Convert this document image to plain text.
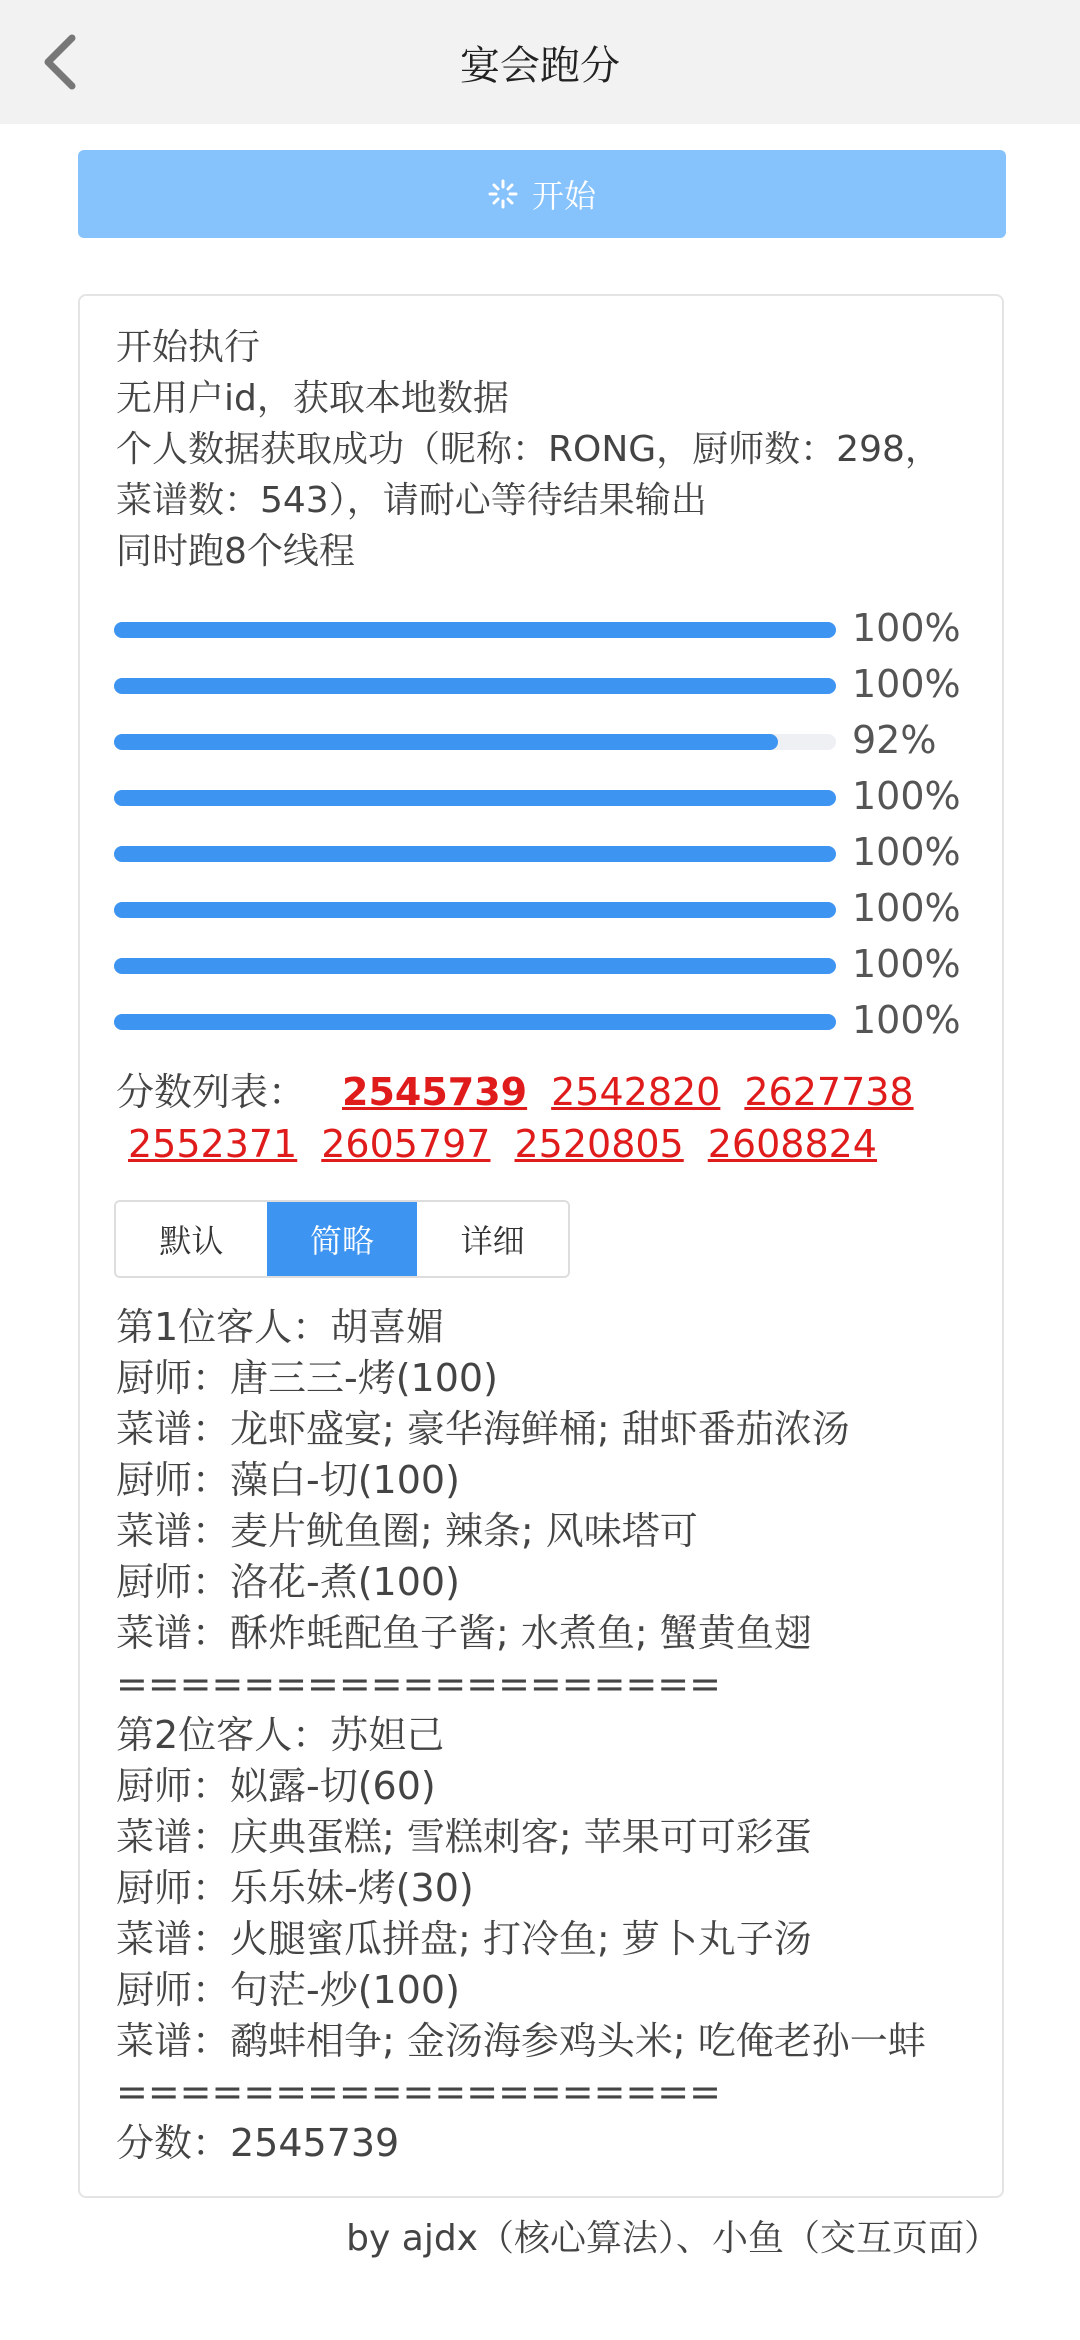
宴会跑分
开始
开始执行
无用户id，获取本地数据
个人数据获取成功（昵称：RONG，厨师数：298，菜谱数：543），请耐心等待结果输出
同时跑8个线程
100%
100%
92%
100%
100%
100%
100%
100%
分数列表： 2545739 2542820 2627738
2552371 2605797 2520805 2608824
默认	简略	详细
第1位客人：胡喜媚
厨师：唐三三-烤(100)
菜谱：龙虾盛宴; 豪华海鲜桶; 甜虾番茄浓汤
厨师：藻白-切(100)
菜谱：麦片鱿鱼圈; 辣条; 风味塔可
厨师：洛花-煮(100)
菜谱：酥炸蚝配鱼子酱; 水煮鱼; 蟹黄鱼翅
===================
第2位客人：苏妲己
厨师：姒露-切(60)
菜谱：庆典蛋糕; 雪糕刺客; 苹果可可彩蛋
厨师：乐乐妹-烤(30)
菜谱：火腿蜜瓜拼盘; 打冷鱼; 萝卜丸子汤
厨师：句茫-炒(100)
菜谱：鹬蚌相争; 金汤海参鸡头米; 吃俺老孙一蚌
===================
分数：2545739
by ajdx（核心算法）、小鱼（交互页面）
